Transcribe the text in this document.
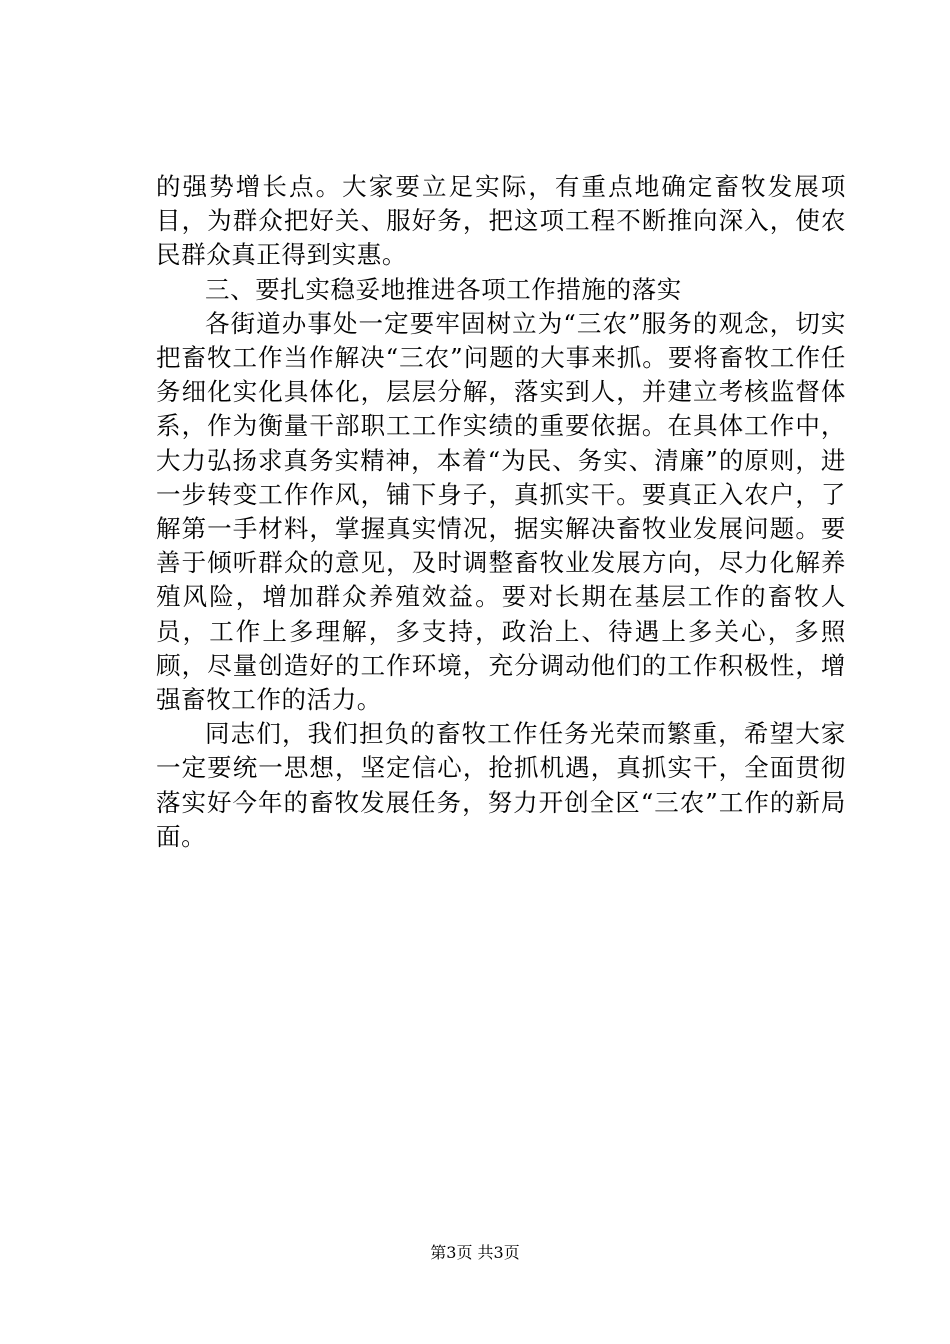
的强势增长点。大家要立足实际，有重点地确定畜牧发展项目，为群众把好关、服好务，把这项工程不断推向深入，使农民群众真正得到实惠。

三、要扎实稳妥地推进各项工作措施的落实

各街道办事处一定要牢固树立为“三农”服务的观念，切实把畜牧工作当作解决“三农”问题的大事来抓。要将畜牧工作任务细化实化具体化，层层分解，落实到人，并建立考核监督体系，作为衡量干部职工工作实绩的重要依据。在具体工作中，大力弘扬求真务实精神，本着“为民、务实、清廉”的原则，进一步转变工作作风，铺下身子，真抓实干。要真正入农户，了解第一手材料，掌握真实情况，据实解决畜牧业发展问题。要善于倾听群众的意见，及时调整畜牧业发展方向，尽力化解养殖风险，增加群众养殖效益。要对长期在基层工作的畜牧人员，工作上多理解，多支持，政治上、待遇上多关心，多照顾，尽量创造好的工作环境，充分调动他们的工作积极性，增强畜牧工作的活力。

同志们，我们担负的畜牧工作任务光荣而繁重，希望大家一定要统一思想，坚定信心，抢抓机遇，真抓实干，全面贯彻落实好今年的畜牧发展任务，努力开创全区“三农”工作的新局面。

第3页 共3页
